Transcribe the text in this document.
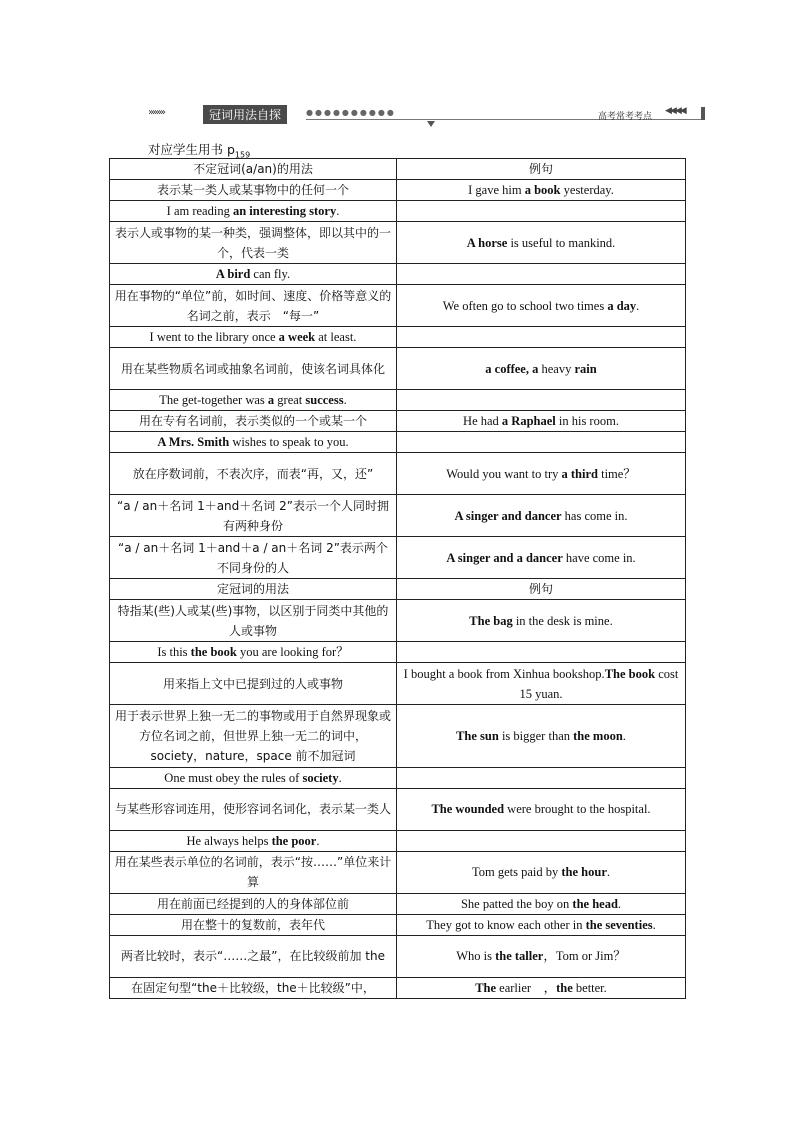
››››››››	冠词用法自探	●●●●●●●●●●	高考常考考点
◀◀◀◀
对应学生用书 $p_{159}$
不定冠词(a/an)的用法	例句
表示某一类人或某事物中的任何一个	I gave him a book yesterday.
I am reading an interesting story.	
表示人或事物的某一种类，强调整体，即以其中的一个，代表一类	A horse is useful to mankind.
A bird can fly.	
用在事物的“单位”前，如时间、速度、价格等意义的名词之前，表示　“每一”	We often go to school two times a day.
I went to the library once a week at least.	
用在某些物质名词或抽象名词前，使该名词具体化	a coffee, a heavy rain
The get-together was a great success.	
用在专有名词前，表示类似的一个或某一个	He had a Raphael in his room.
A Mrs. Smith wishes to speak to you.	
放在序数词前，不表次序，而表“再，又，还”	Would you want to try a third time？
“a / an＋名词 1＋and＋名词 2”表示一个人同时拥有两种身份	A singer and dancer has come in.
“a / an＋名词 1＋and＋a / an＋名词 2”表示两个不同身份的人	A singer and a dancer have come in.
定冠词的用法	例句
特指某(些)人或某(些)事物，以区别于同类中其他的人或事物	The bag in the desk is mine.
Is this the book you are looking for？	
用来指上文中已提到过的人或事物	I bought a book from Xinhua bookshop.The book cost 15 yuan.
用于表示世界上独一无二的事物或用于自然界现象或方位名词之前，但世界上独一无二的词中，society，nature，space 前不加冠词	The sun is bigger than the moon.
One must obey the rules of society.	
与某些形容词连用，使形容词名词化，表示某一类人	The wounded were brought to the hospital.
He always helps the poor.	
用在某些表示单位的名词前，表示“按……”单位来计算	Tom gets paid by the hour.
用在前面已经提到的人的身体部位前	She patted the boy on the head.
用在整十的复数前，表年代	They got to know each other in the seventies.
两者比较时，表示“……之最”，在比较级前加 the	Who is the taller，Tom or Jim？
在固定句型“the＋比较级，the＋比较级”中，	The earlier　，the better.
